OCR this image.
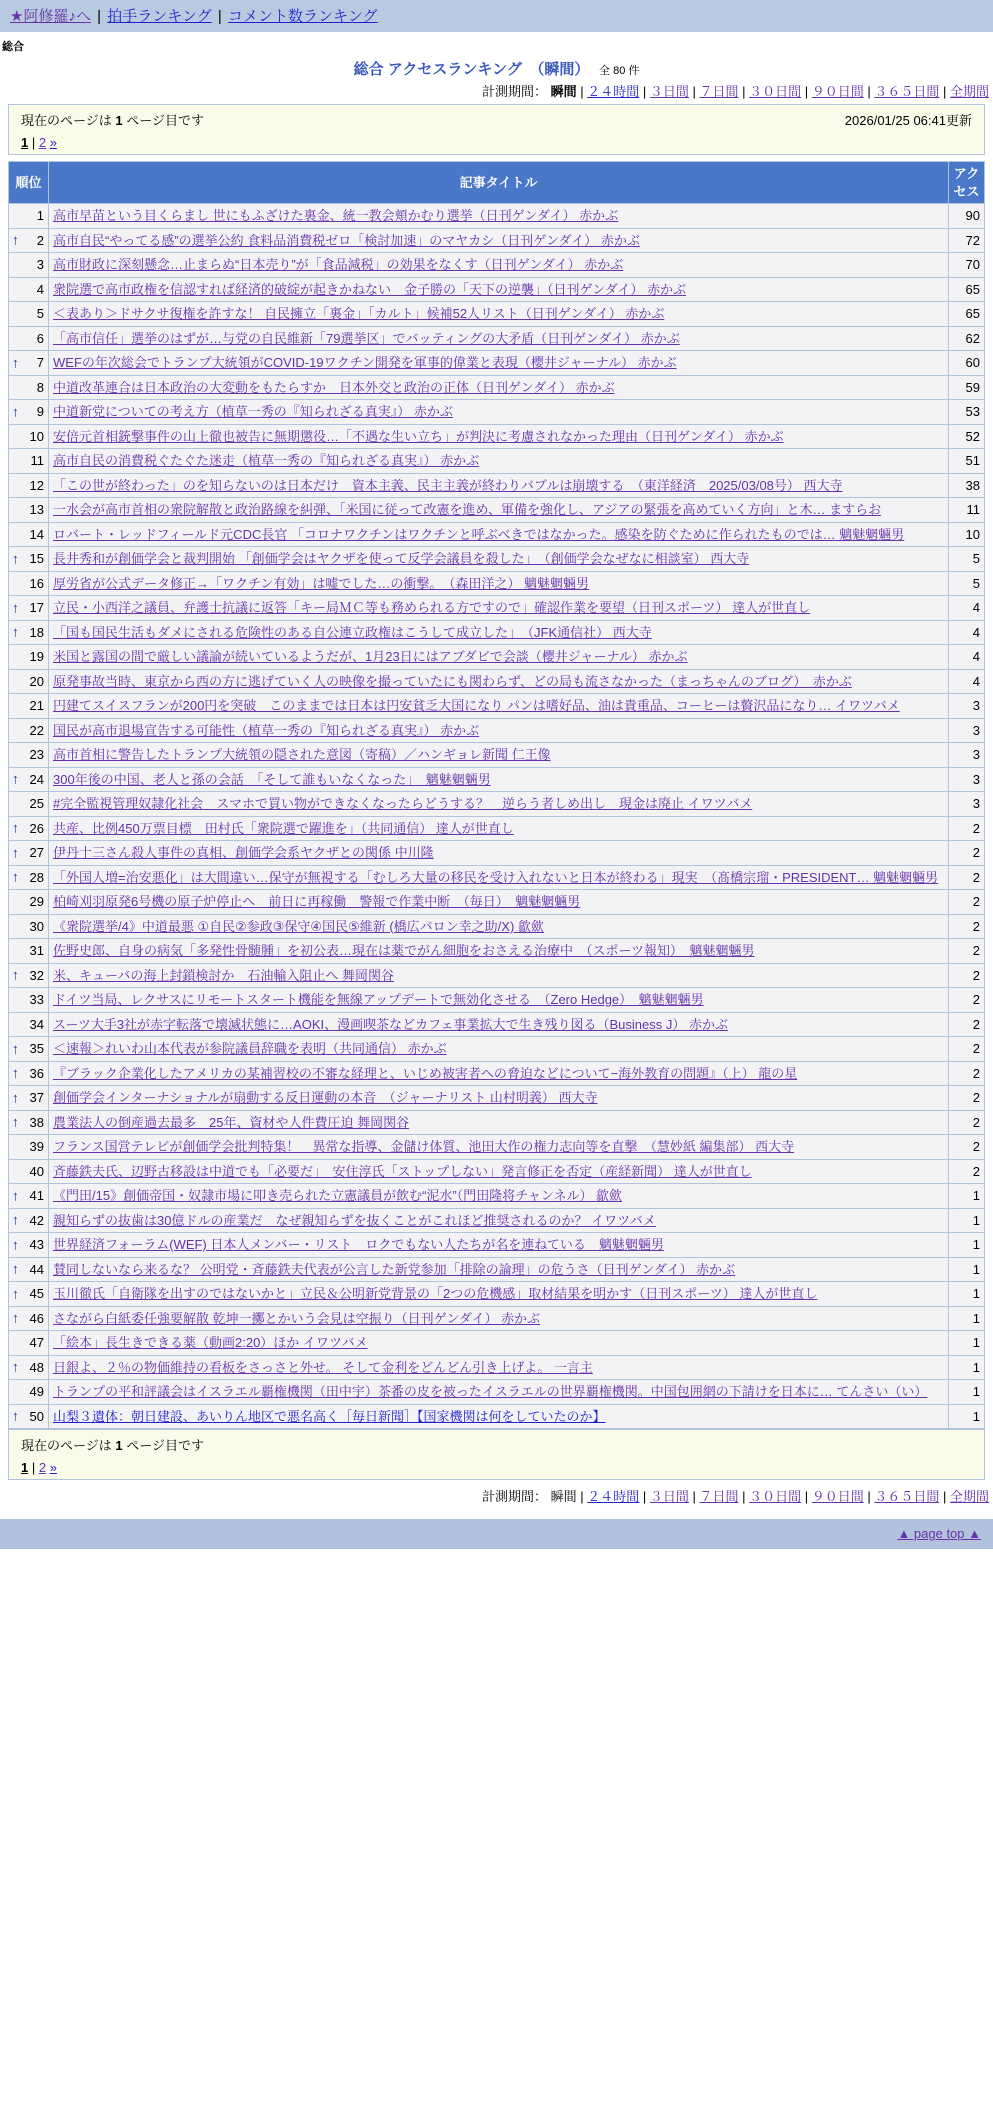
★阿修羅♪へ | 拍手ランキング | コメント数ランキング
総合
総合 アクセスランキング　（瞬間） 全 80 件
計測期間： 瞬間 | ２４時間 | ３日間 | ７日間 | ３０日間 | ９０日間 | ３６５日間 | 全期間
現在のページは 1 ページ目です	2026/01/25 06:41更新
1 | 2 »
順位	記事タイトル	アクセス
1	高市早苗という目くらまし 世にもふざけた裏金、統一教会頬かむり選挙（日刊ゲンダイ） 赤かぶ	90

↑ 2	高市自民“やってる感”の選挙公約 食料品消費税ゼロ「検討加速」のマヤカシ（日刊ゲンダイ） 赤かぶ	72
3	高市財政に深刻懸念…止まらぬ“日本売り”が「食品減税」の効果をなくす（日刊ゲンダイ） 赤かぶ	70
4	衆院選で高市政権を信認すれば経済的破綻が起きかねない　金子勝の「天下の逆襲」（日刊ゲンダイ） 赤かぶ	65
5	＜表あり＞ドサクサ復権を許すな！ 自民擁立「裏金」「カルト」候補52人リスト（日刊ゲンダイ） 赤かぶ	65
6	「高市信任」選挙のはずが…与党の自民維新「79選挙区」でバッティングの大矛盾（日刊ゲンダイ） 赤かぶ	62

↑ 7	WEFの年次総会でトランプ大統領がCOVID-19ワクチン開発を軍事的偉業と表現（櫻井ジャーナル） 赤かぶ	60
8	中道改革連合は日本政治の大変動をもたらすか　日本外交と政治の正体（日刊ゲンダイ） 赤かぶ	59

↑ 9	中道新党についての考え方（植草一秀の『知られざる真実』） 赤かぶ	53
10	安倍元首相銃撃事件の山上徹也被告に無期懲役…「不遇な生い立ち」が判決に考慮されなかった理由（日刊ゲンダイ） 赤かぶ	52
11	高市自民の消費税ぐたぐた迷走（植草一秀の『知られざる真実』） 赤かぶ	51
12	「この世が終わった」のを知らないのは日本だけ　資本主義、民主主義が終わりバブルは崩壊する　（東洋経済　2025/03/08号） 西大寺	38
13	一水会が高市首相の衆院解散と政治路線を糾弾、「米国に従って改憲を進め、軍備を強化し、アジアの緊張を高めていく方向」と木… ますらお	11
14	ロバート・レッドフィールド元CDC長官 「コロナワクチンはワクチンと呼ぶべきではなかった。感染を防ぐために作られたものでは… 魑魅魍魎男	10

↑ 15	長井秀和が創価学会と裁判開始 「創価学会はヤクザを使って反学会議員を殺した」　（創価学会なぜなに相談室） 西大寺	5
16	厚労省が公式データ修正→「ワクチン有効」は嘘でした…の衝撃。　（森田洋之） 魑魅魍魎男	5

↑ 17	立民・小西洋之議員、弁護士抗議に返答「キー局ＭＣ等も務められる方ですので」確認作業を要望（日刊スポーツ） 達人が世直し	4

↑ 18	「国も国民生活もダメにされる危険性のある自公連立政権はこうして成立した」　（JFK通信社） 西大寺	4
19	米国と露国の間で厳しい議論が続いているようだが、1月23日にはアブダビで会談（櫻井ジャーナル） 赤かぶ	4
20	原発事故当時、東京から西の方に逃げていく人の映像を撮っていたにも関わらず、どの局も流さなかった（まっちゃんのブログ）　赤かぶ	4
21	円建てスイスフランが200円を突破　このままでは日本は円安貧乏大国になり パンは嗜好品、油は貴重品、コーヒーは贅沢品になり… イワツバメ	3
22	国民が高市退場宣告する可能性（植草一秀の『知られざる真実』） 赤かぶ	3
23	高市首相に警告したトランプ大統領の隠された意図（寄稿）／ハンギョレ新聞 仁王像	3

↑ 24	300年後の中国、老人と孫の会話　「そして誰もいなくなった」　魑魅魍魎男	3
25	#完全監視管理奴隷化社会　スマホで買い物ができなくなったらどうする？　逆らう者しめ出し　現金は廃止 イワツバメ	3

↑ 26	共産、比例450万票目標　田村氏「衆院選で躍進を」（共同通信） 達人が世直し	2

↑ 27	伊丹十三さん殺人事件の真相、創価学会系ヤクザとの関係 中川隆	2

↑ 28	「外国人増=治安悪化」は大間違い…保守が無視する「むしろ大量の移民を受け入れないと日本が終わる」現実　（髙橋宗瑠・PRESIDENT… 魑魅魍魎男	2
29	柏崎刈羽原発6号機の原子炉停止へ　前日に再稼働　警報で作業中断　（毎日）　魑魅魍魎男	2
30	《衆院選挙/4》中道最悪 ①自民②参政③保守④国民⑤維新 (橋広バロン幸之助/X) 歙歛	2
31	佐野史郎、自身の病気「多発性骨髄腫」を初公表…現在は薬でがん細胞をおさえる治療中　（スポーツ報知）　魑魅魍魎男	2

↑ 32	米、キューバの海上封鎖検討か　石油輸入阻止へ 舞岡関谷	2
33	ドイツ当局、レクサスにリモートスタート機能を無線アップデートで無効化させる　（Zero Hedge）　魑魅魍魎男	2
34	スーツ大手3社が赤字転落で壊滅状態に…AOKI、漫画喫茶などカフェ事業拡大で生き残り図る（Business J） 赤かぶ	2

↑ 35	＜速報＞れいわ山本代表が参院議員辞職を表明（共同通信） 赤かぶ	2

↑ 36	『ブラック企業化したアメリカの某補習校の不審な経理と、いじめ被害者への脅迫などについて−海外教育の問題』（上） 龍の星	2

↑ 37	創価学会インターナショナルが扇動する反日運動の本音　（ジャーナリスト 山村明義） 西大寺	2

↑ 38	農業法人の倒産過去最多　25年、資材や人件費圧迫 舞岡関谷	2
39	フランス国営テレビが創価学会批判特集！　異常な指導、金儲け体質、池田大作の権力志向等を直撃　（慧妙紙 編集部） 西大寺	2
40	斉藤鉄夫氏、辺野古移設は中道でも「必要だ」　安住淳氏「ストップしない」発言修正を否定（産経新聞） 達人が世直し	2

↑ 41	《門田/15》創価帝国・奴隷市場に叩き売られた立憲議員が飲む“泥水”（門田隆将チャンネル） 歙歛	1

↑ 42	親知らずの抜歯は30億ドルの産業だ　なぜ親知らずを抜くことがこれほど推奨されるのか？ イワツバメ	1

↑ 43	世界経済フォーラム(WEF) 日本人メンバー・リスト　ロクでもない人たちが名を連ねている　魑魅魍魎男	1

↑ 44	賛同しないなら来るな？ 公明党・斉藤鉄夫代表が公言した新党参加「排除の論理」の危うさ（日刊ゲンダイ） 赤かぶ	1

↑ 45	玉川徹氏「自衛隊を出すのではないかと」立民＆公明新党背景の「2つの危機感」取材結果を明かす（日刊スポーツ） 達人が世直し	1

↑ 46	さながら白紙委任強要解散 乾坤一擲とかいう会見は空振り（日刊ゲンダイ） 赤かぶ	1
47	「絵本」長生きできる薬（動画2:20）ほか イワツバメ	1

↑ 48	日銀よ、２％の物価維持の看板をさっさと外せ。 そして金利をどんどん引き上げよ。 一言主	1
49	トランプの平和評議会はイスラエル覇権機関（田中宇）茶番の皮を被ったイスラエルの世界覇権機関。中国包囲網の下請けを日本に… てんさい（い）	1

↑ 50	山梨３遺体：朝日建設、あいりん地区で悪名高く［毎日新聞］【国家機関は何をしていたのか】	1
現在のページは 1 ページ目です
1 | 2 »
計測期間： 瞬間 | ２４時間 | ３日間 | ７日間 | ３０日間 | ９０日間 | ３６５日間 | 全期間
▲ page top ▲
